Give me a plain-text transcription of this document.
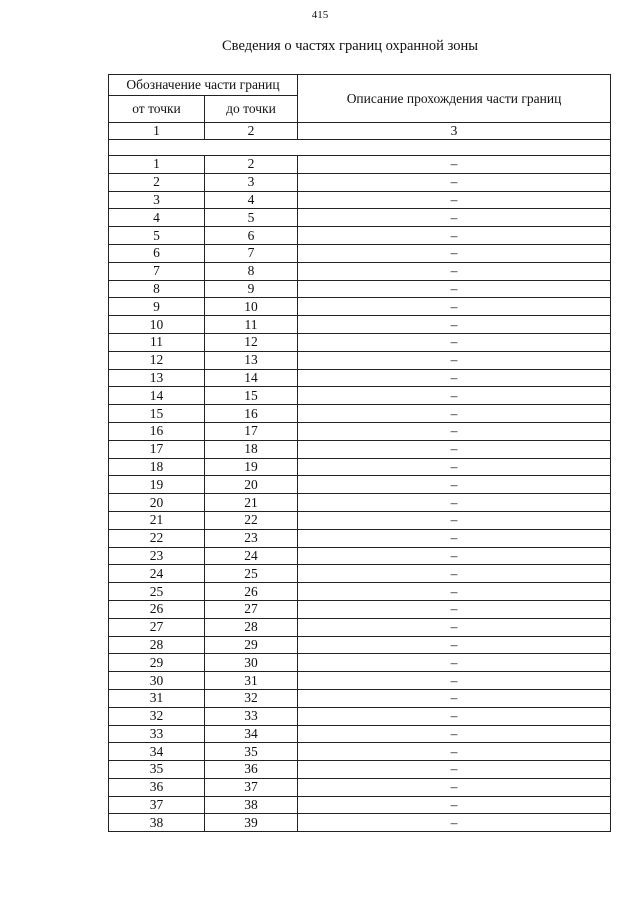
415
Сведения о частях границ охранной зоны
Обозначение части границ		Описание прохождения части границ
от точки	до точки	
1	2	3

1	2	–
2	3	–
3	4	–
4	5	–
5	6	–
6	7	–
7	8	–
8	9	–
9	10	–
10	11	–
11	12	–
12	13	–
13	14	–
14	15	–
15	16	–
16	17	–
17	18	–
18	19	–
19	20	–
20	21	–
21	22	–
22	23	–
23	24	–
24	25	–
25	26	–
26	27	–
27	28	–
28	29	–
29	30	–
30	31	–
31	32	–
32	33	–
33	34	–
34	35	–
35	36	–
36	37	–
37	38	–
38	39	–
